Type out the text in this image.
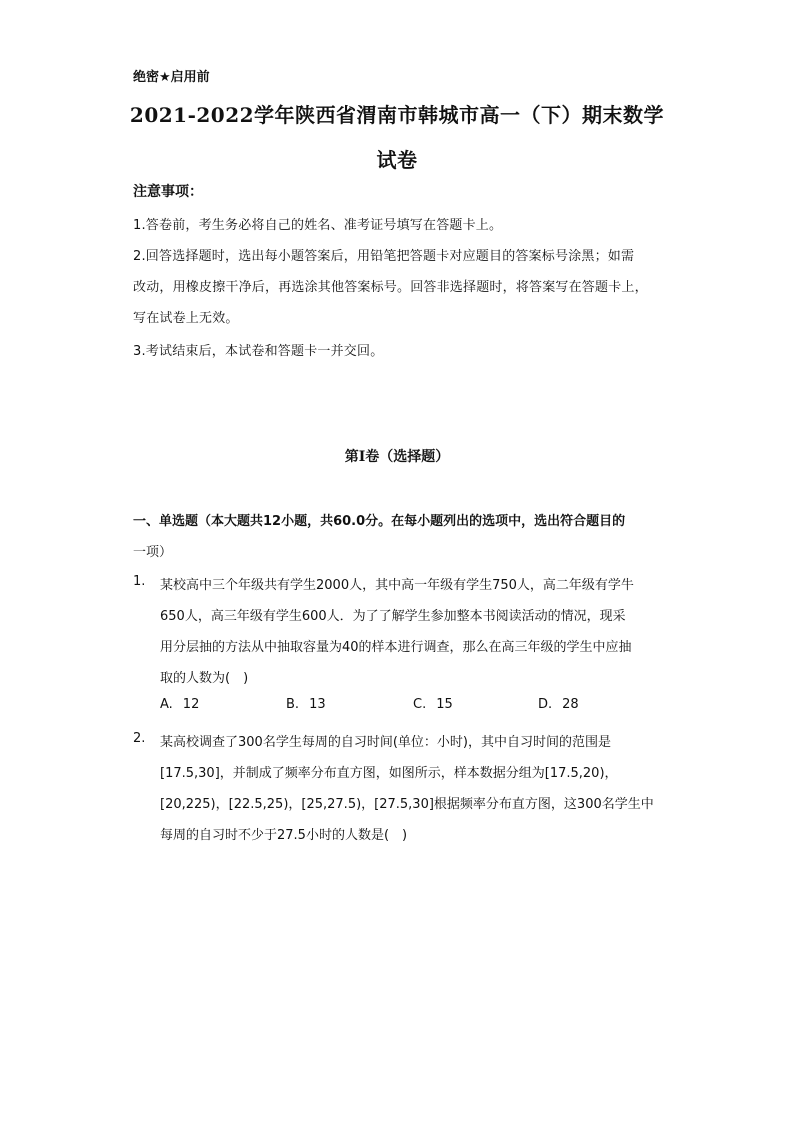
绝密★启用前
2021-2022学年陕西省渭南市韩城市高一（下）期末数学
试卷
注意事项：
1.答卷前，考生务必将自己的姓名、准考证号填写在答题卡上。
2.回答选择题时，选出每小题答案后，用铅笔把答题卡对应题目的答案标号涂黑；如需
改动，用橡皮擦干净后，再选涂其他答案标号。回答非选择题时，将答案写在答题卡上，
写在试卷上无效。
3.考试结束后，本试卷和答题卡一并交回。
第Ⅰ卷（选择题）
一、单选题（本大题共12小题，共60.0分。在每小题列出的选项中，选出符合题目的
一项）
1. 某校高中三个年级共有学生2000人，其中高一年级有学生750人，高二年级有学牛
650人，高三年级有学生600人．为了了解学生参加整本书阅读活动的情况，现采
用分层抽的方法从中抽取容量为40的样本进行调查，那么在高三年级的学生中应抽
取的人数为(　)
A. 12	B. 13	C. 15	D. 28
2. 某高校调查了300名学生每周的自习时间(单位：小时)，其中自习时间的范围是
[17.5,30]，并制成了频率分布直方图，如图所示，样本数据分组为[17.5,20)，
[20,225)，[22.5,25)，[25,27.5)，[27.5,30]根据频率分布直方图，这300名学生中
每周的自习时不少于27.5小时的人数是(　)
